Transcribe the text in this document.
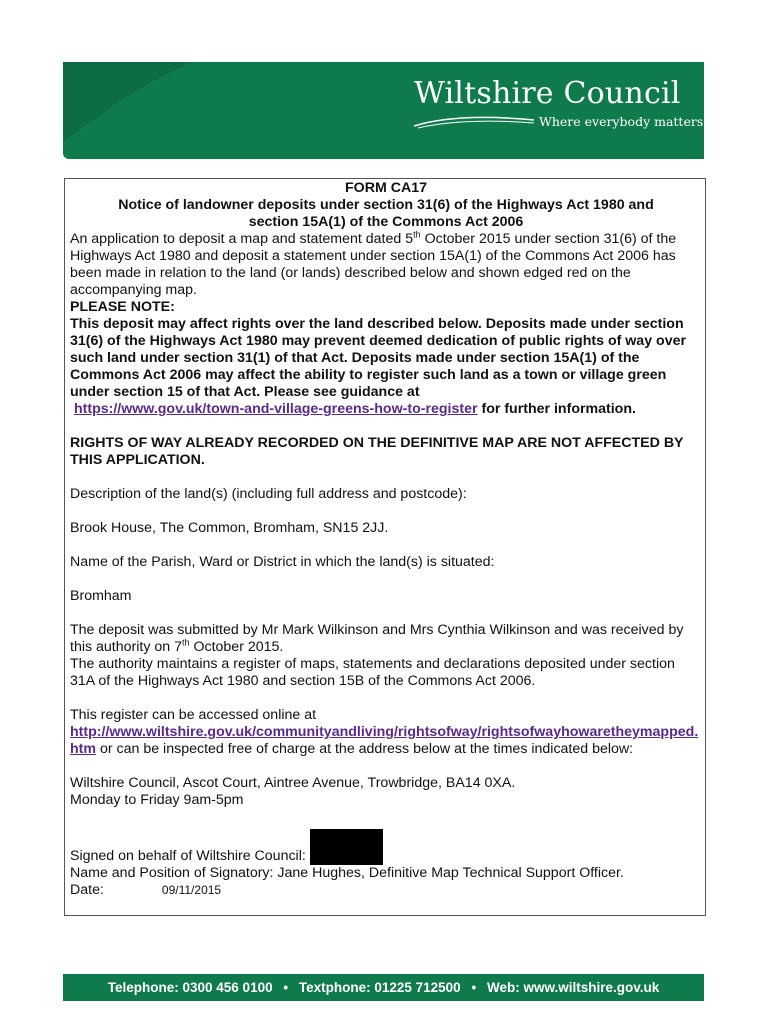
Wiltshire Council
Where everybody matters

FORM CA17

Notice of landowner deposits under section 31(6) of the Highways Act 1980 and

section 15A(1) of the Commons Act 2006

An application to deposit a map and statement dated 5th October 2015 under section 31(6) of the Highways Act 1980 and deposit a statement under section 15A(1) of the Commons Act 2006 has been made in relation to the land (or lands) described below and shown edged red on the accompanying map.

PLEASE NOTE:

This deposit may affect rights over the land described below. Deposits made under section 31(6) of the Highways Act 1980 may prevent deemed dedication of public rights of way over such land under section 31(1) of that Act. Deposits made under section 15A(1) of the Commons Act 2006 may affect the ability to register such land as a town or village green under section 15 of that Act. Please see guidance at
https://www.gov.uk/town-and-village-greens-how-to-register for further information.

RIGHTS OF WAY ALREADY RECORDED ON THE DEFINITIVE MAP ARE NOT AFFECTED BY THIS APPLICATION.

Description of the land(s) (including full address and postcode):

Brook House, The Common, Bromham, SN15 2JJ.

Name of the Parish, Ward or District in which the land(s) is situated:

Bromham

The deposit was submitted by Mr Mark Wilkinson and Mrs Cynthia Wilkinson and was received by this authority on 7th October 2015.

The authority maintains a register of maps, statements and declarations deposited under section 31A of the Highways Act 1980 and section 15B of the Commons Act 2006.

This register can be accessed online at

http://www.wiltshire.gov.uk/communityandliving/rightsofway/rightsofwayhowaretheymapped.htm or can be inspected free of charge at the address below at the times indicated below:

Wiltshire Council, Ascot Court, Aintree Avenue, Trowbridge, BA14 0XA.

Monday to Friday 9am-5pm

Signed on behalf of Wiltshire Council:

Name and Position of Signatory: Jane Hughes, Definitive Map Technical Support Officer.

Date:	09/11/2015

Telephone: 0300 456 0100 • Textphone: 01225 712500 • Web: www.wiltshire.gov.uk
